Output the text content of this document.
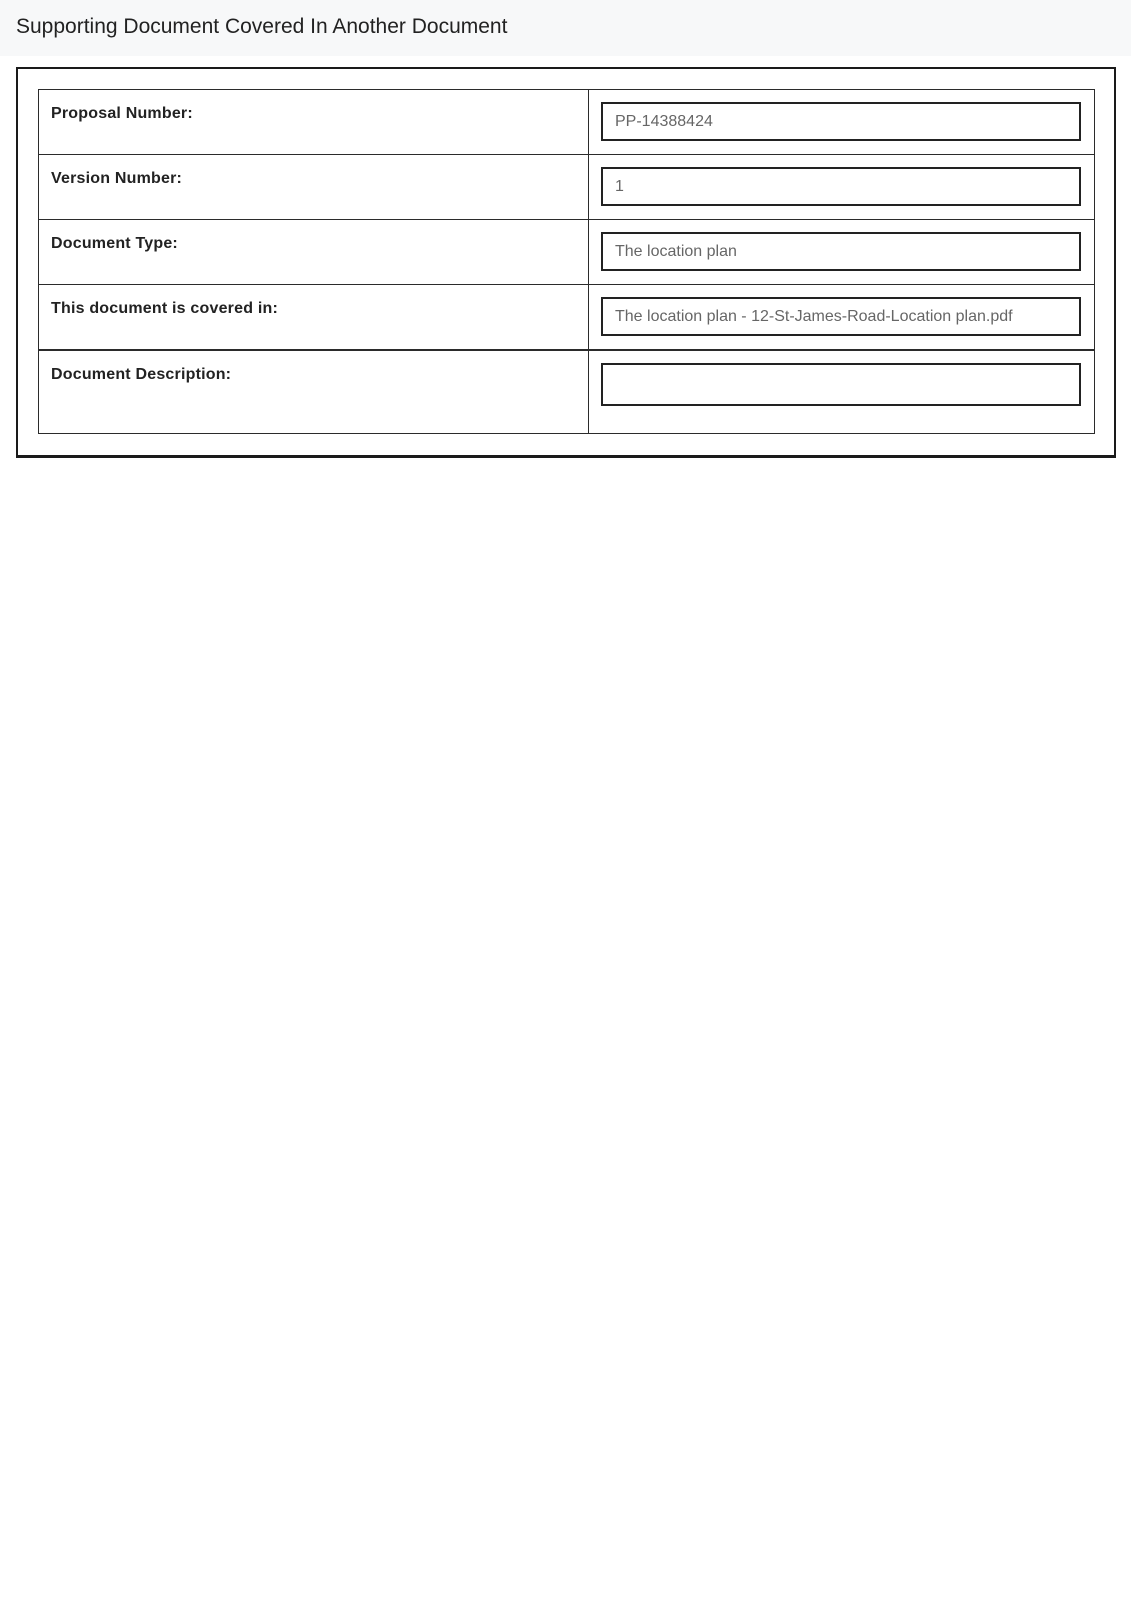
Supporting Document Covered In Another Document
Proposal Number:	PP-14388424

Version Number:	1

Document Type:	The location plan

This document is covered in:	The location plan - 12-St-James-Road-Location plan.pdf

Document Description:	
